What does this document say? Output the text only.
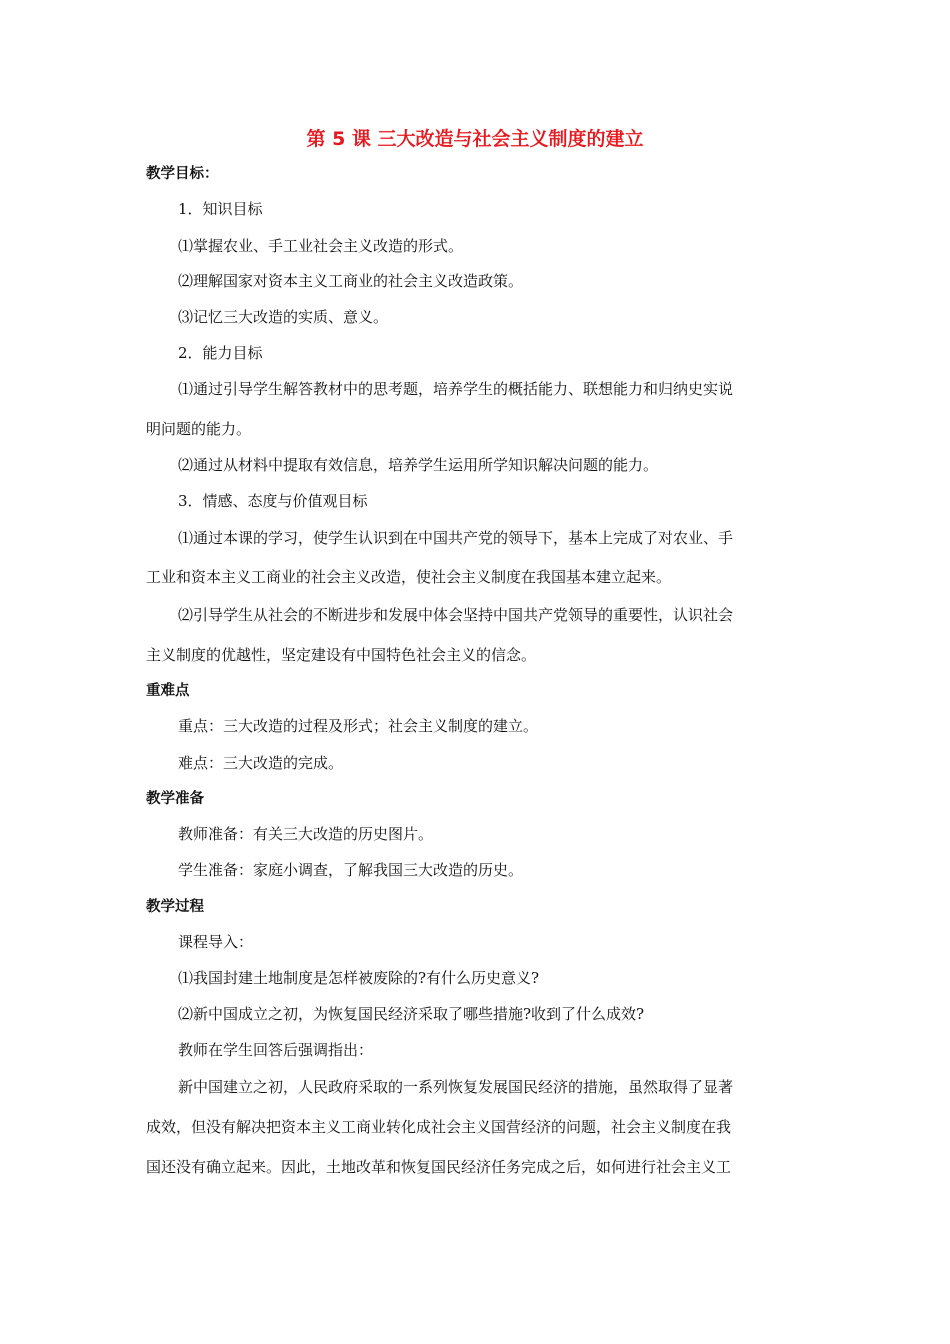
第 5 课 三大改造与社会主义制度的建立
教学目标：
1．知识目标
⑴掌握农业、手工业社会主义改造的形式。
⑵理解国家对资本主义工商业的社会主义改造政策。
⑶记忆三大改造的实质、意义。
2．能力目标
⑴通过引导学生解答教材中的思考题，培养学生的概括能力、联想能力和归纳史实说
明问题的能力。
⑵通过从材料中提取有效信息，培养学生运用所学知识解决问题的能力。
3．情感、态度与价值观目标
⑴通过本课的学习，使学生认识到在中国共产党的领导下，基本上完成了对农业、手
工业和资本主义工商业的社会主义改造，使社会主义制度在我国基本建立起来。
⑵引导学生从社会的不断进步和发展中体会坚持中国共产党领导的重要性，认识社会
主义制度的优越性，坚定建设有中国特色社会主义的信念。
重难点
重点：三大改造的过程及形式；社会主义制度的建立。
难点：三大改造的完成。
教学准备
教师准备：有关三大改造的历史图片。
学生准备：家庭小调查，了解我国三大改造的历史。
教学过程
课程导入：
⑴我国封建土地制度是怎样被废除的?有什么历史意义?
⑵新中国成立之初，为恢复国民经济采取了哪些措施?收到了什么成效?
教师在学生回答后强调指出：
新中国建立之初，人民政府采取的一系列恢复发展国民经济的措施，虽然取得了显著
成效，但没有解决把资本主义工商业转化成社会主义国营经济的问题，社会主义制度在我
国还没有确立起来。因此，土地改革和恢复国民经济任务完成之后，如何进行社会主义工
